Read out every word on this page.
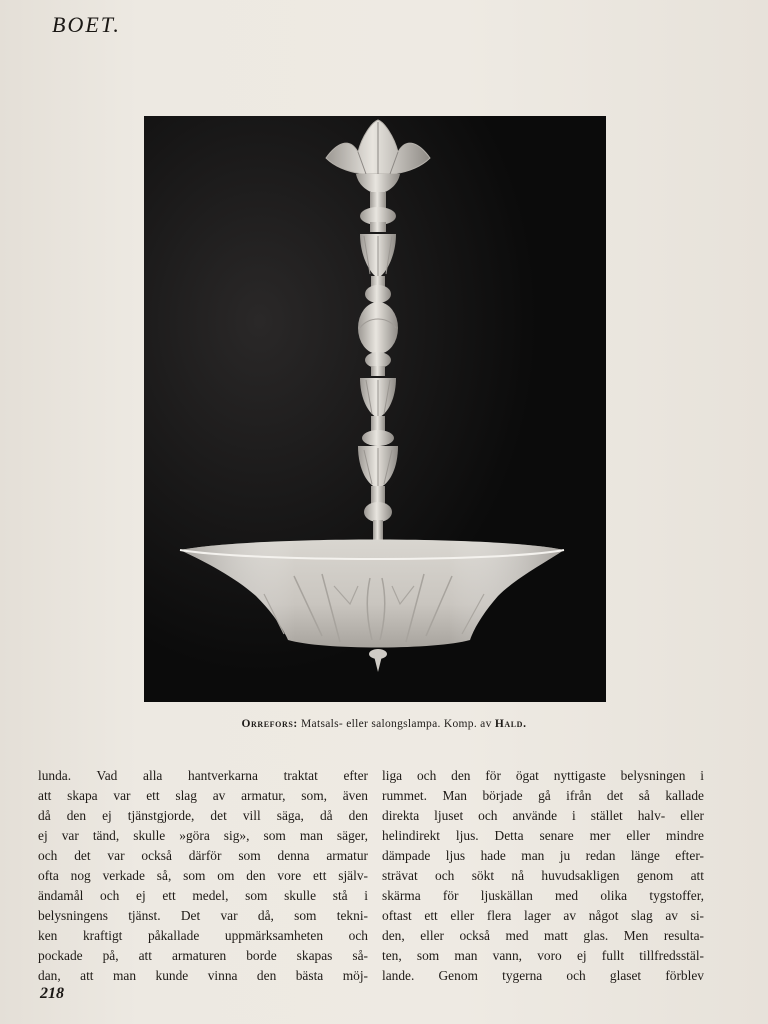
BOET.
Orrefors: Matsals- eller salongslampa. Komp. av Hald.
lunda. Vad alla hantverkarna traktat efter
att skapa var ett slag av armatur, som, även
då den ej tjänstgjorde, det vill säga, då den
ej var tänd, skulle »göra sig», som man säger,
och det var också därför som denna armatur
ofta nog verkade så, som om den vore ett själv-
ändamål och ej ett medel, som skulle stå i
belysningens tjänst. Det var då, som tekni-
ken kraftigt påkallade uppmärksamheten och
pockade på, att armaturen borde skapas så-
dan, att man kunde vinna den bästa möj-
liga och den för ögat nyttigaste belysningen i
rummet. Man började gå ifrån det så kallade
direkta ljuset och använde i stället halv- eller
helindirekt ljus. Detta senare mer eller mindre
dämpade ljus hade man ju redan länge efter-
strävat och sökt nå huvudsakligen genom att
skärma för ljuskällan med olika tygstoffer,
oftast ett eller flera lager av något slag av si-
den, eller också med matt glas. Men resulta-
ten, som man vann, voro ej fullt tillfredsstäl-
lande. Genom tygerna och glaset förblev
218
